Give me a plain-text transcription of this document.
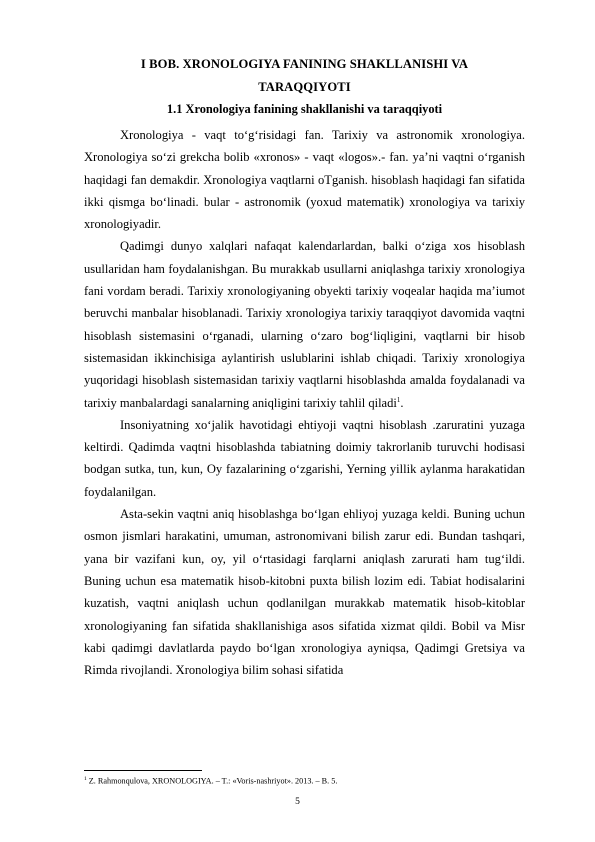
I BOB. XRONOLOGIYA FANINING SHAKLLANISHI VA
TARAQQIYOTI
1.1 Xronologiya fanining shakllanishi va taraqqiyoti

Xronologiya - vaqt to‘g‘risidagi fan. Tarixiy va astronomik xronologiya. Xronologiya so‘zi grekcha bolib «xronos» - vaqt «logos».- fan. ya’ni vaqtni o‘rganish haqidagi fan demakdir. Xronologiya vaqtlarni oTganish. hisoblash haqidagi fan sifatida ikki qismga bo‘linadi. bular - astronomik (yoxud matematik) xronologiya va tarixiy xronologiyadir.

Qadimgi dunyo xalqlari nafaqat kalendarlardan, balki o‘ziga xos hisoblash usullaridan ham foydalanishgan. Bu murakkab usullarni aniqlashga tarixiy xronologiya fani vordam beradi. Tarixiy xronologiyaning obyekti tarixiy voqealar haqida ma’iumot beruvchi manbalar hisoblanadi. Tarixiy xronologiya tarixiy taraqqiyot davomida vaqtni hisoblash sistemasini o‘rganadi, ularning o‘zaro bog‘liqligini, vaqtlarni bir hisob sistemasidan ikkinchisiga aylantirish uslublarini ishlab chiqadi. Tarixiy xronologiya yuqoridagi hisoblash sistemasidan tarixiy vaqtlarni hisoblashda amalda foydalanadi va tarixiy manbalardagi sanalarning aniqligini tarixiy tahlil qiladi$^1$.

Insoniyatning xo‘jalik havotidagi ehtiyoji vaqtni hisoblash .zaruratini yuzaga keltirdi. Qadimda vaqtni hisoblashda tabiatning doimiy takrorlanib turuvchi hodisasi bodgan sutka, tun, kun, Oy fazalarining o‘zgarishi, Yerning yillik aylanma harakatidan foydalanilgan.

Asta-sekin vaqtni aniq hisoblashga bo‘lgan ehliyoj yuzaga keldi. Buning uchun osmon jismlari harakatini, umuman, astronomivani bilish zarur edi. Bundan tashqari, yana bir vazifani kun, oy, yil o‘rtasidagi farqlarni aniqlash zarurati ham tug‘ildi. Buning uchun esa matematik hisob-kitobni puxta bilish lozim edi. Tabiat hodisalarini kuzatish, vaqtni aniqlash uchun qodlanilgan murakkab matematik hisob-kitoblar xronologiyaning fan sifatida shakllanishiga asos sifatida xizmat qildi. Bobil va Misr kabi qadimgi davlatlarda paydo bo‘lgan xronologiya ayniqsa, Qadimgi Gretsiya va Rimda rivojlandi. Xronologiya bilim sohasi sifatida

$^1$ Z. Rahmonqulova, XRONOLOGIYA. – T.: «Voris-nashriyot». 2013. – B. 5.
5
